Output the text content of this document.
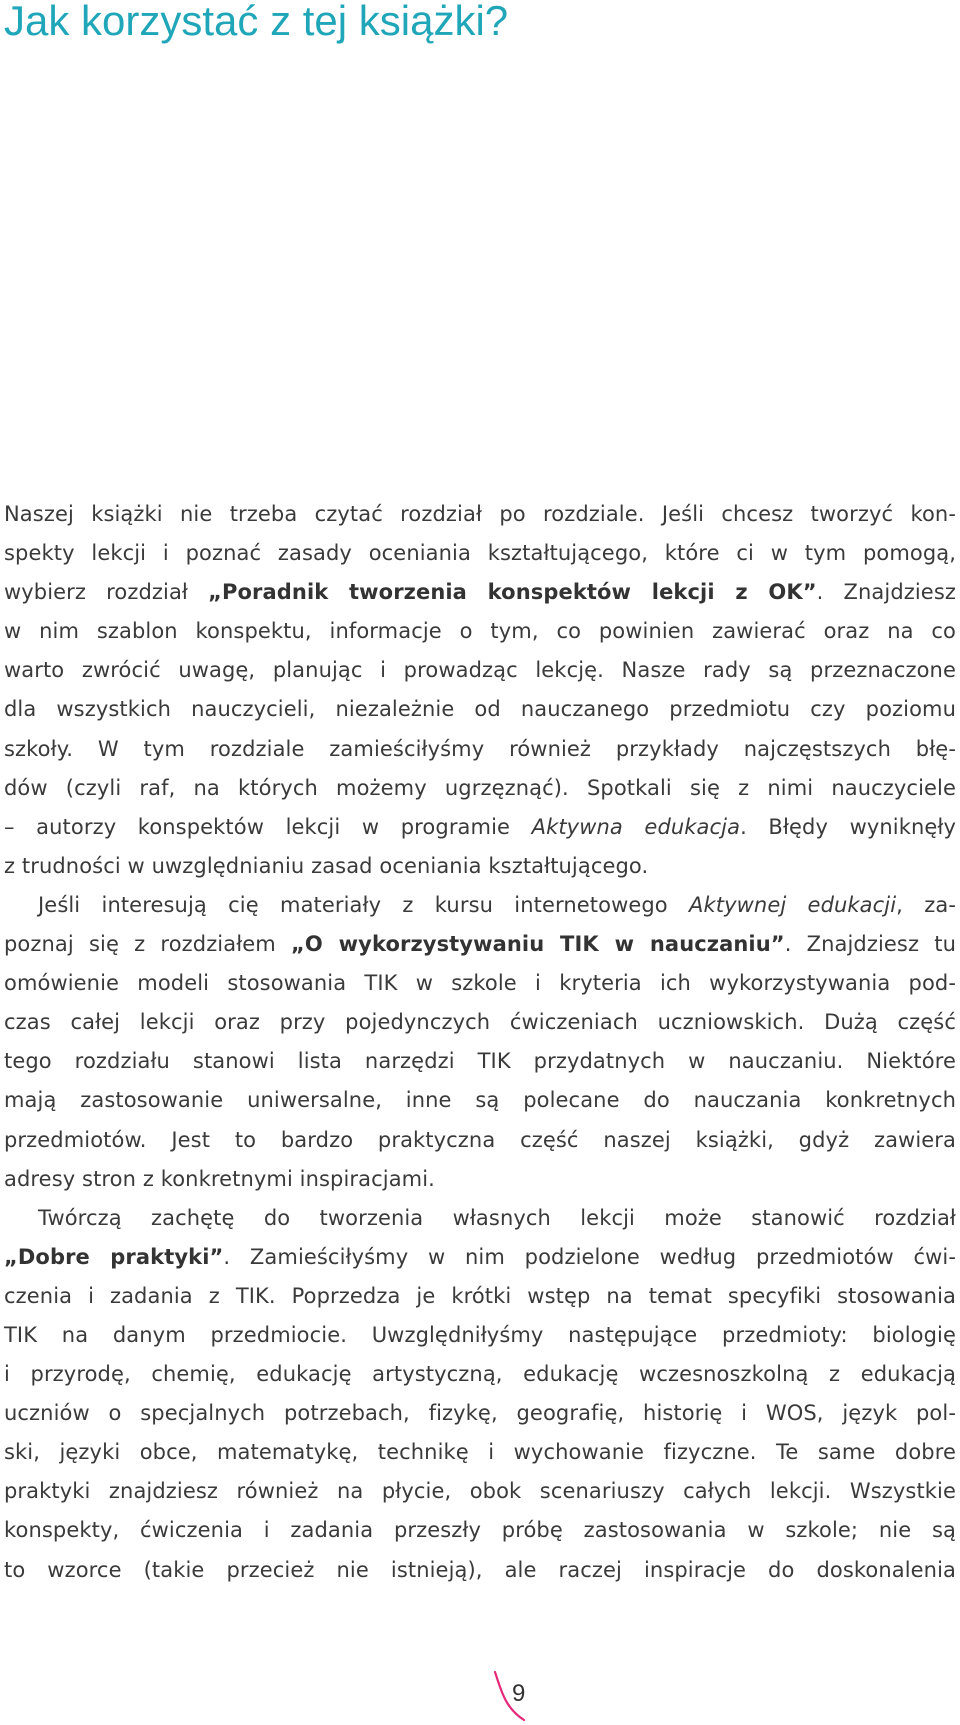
Jak korzystać z tej książki?

Naszej książki nie trzeba czytać rozdział po rozdziale. Jeśli chcesz tworzyć kon-
spekty lekcji i poznać zasady oceniania kształtującego, które ci w tym pomogą,
wybierz rozdział „Poradnik tworzenia konspektów lekcji z OK”. Znajdziesz
w nim szablon konspektu, informacje o tym, co powinien zawierać oraz na co
warto zwrócić uwagę, planując i prowadząc lekcję. Nasze rady są przeznaczone
dla wszystkich nauczycieli, niezależnie od nauczanego przedmiotu czy poziomu
szkoły. W tym rozdziale zamieściłyśmy również przykłady najczęstszych błę-
dów (czyli raf, na których możemy ugrzęznąć). Spotkali się z nimi nauczyciele
– autorzy konspektów lekcji w programie Aktywna edukacja. Błędy wyniknęły
z trudności w uwzględnianiu zasad oceniania kształtującego.

Jeśli interesują cię materiały z kursu internetowego Aktywnej edukacji, za-

poznaj się z rozdziałem „O wykorzystywaniu TIK w nauczaniu”. Znajdziesz tu
omówienie modeli stosowania TIK w szkole i kryteria ich wykorzystywania pod-
czas całej lekcji oraz przy pojedynczych ćwiczeniach uczniowskich. Dużą część
tego rozdziału stanowi lista narzędzi TIK przydatnych w nauczaniu. Niektóre
mają zastosowanie uniwersalne, inne są polecane do nauczania konkretnych
przedmiotów. Jest to bardzo praktyczna część naszej książki, gdyż zawiera
adresy stron z konkretnymi inspiracjami.

Twórczą zachętę do tworzenia własnych lekcji może stanowić rozdział

„Dobre praktyki”. Zamieściłyśmy w nim podzielone według przedmiotów ćwi-
czenia i zadania z TIK. Poprzedza je krótki wstęp na temat specyfiki stosowania
TIK na danym przedmiocie. Uwzględniłyśmy następujące przedmioty: biologię
i przyrodę, chemię, edukację artystyczną, edukację wczesnoszkolną z edukacją
uczniów o specjalnych potrzebach, fizykę, geografię, historię i WOS, język pol-
ski, języki obce, matematykę, technikę i wychowanie fizyczne. Te same dobre
praktyki znajdziesz również na płycie, obok scenariuszy całych lekcji. Wszystkie
konspekty, ćwiczenia i zadania przeszły próbę zastosowania w szkole; nie są
to wzorce (takie przecież nie istnieją), ale raczej inspiracje do doskonalenia

9
